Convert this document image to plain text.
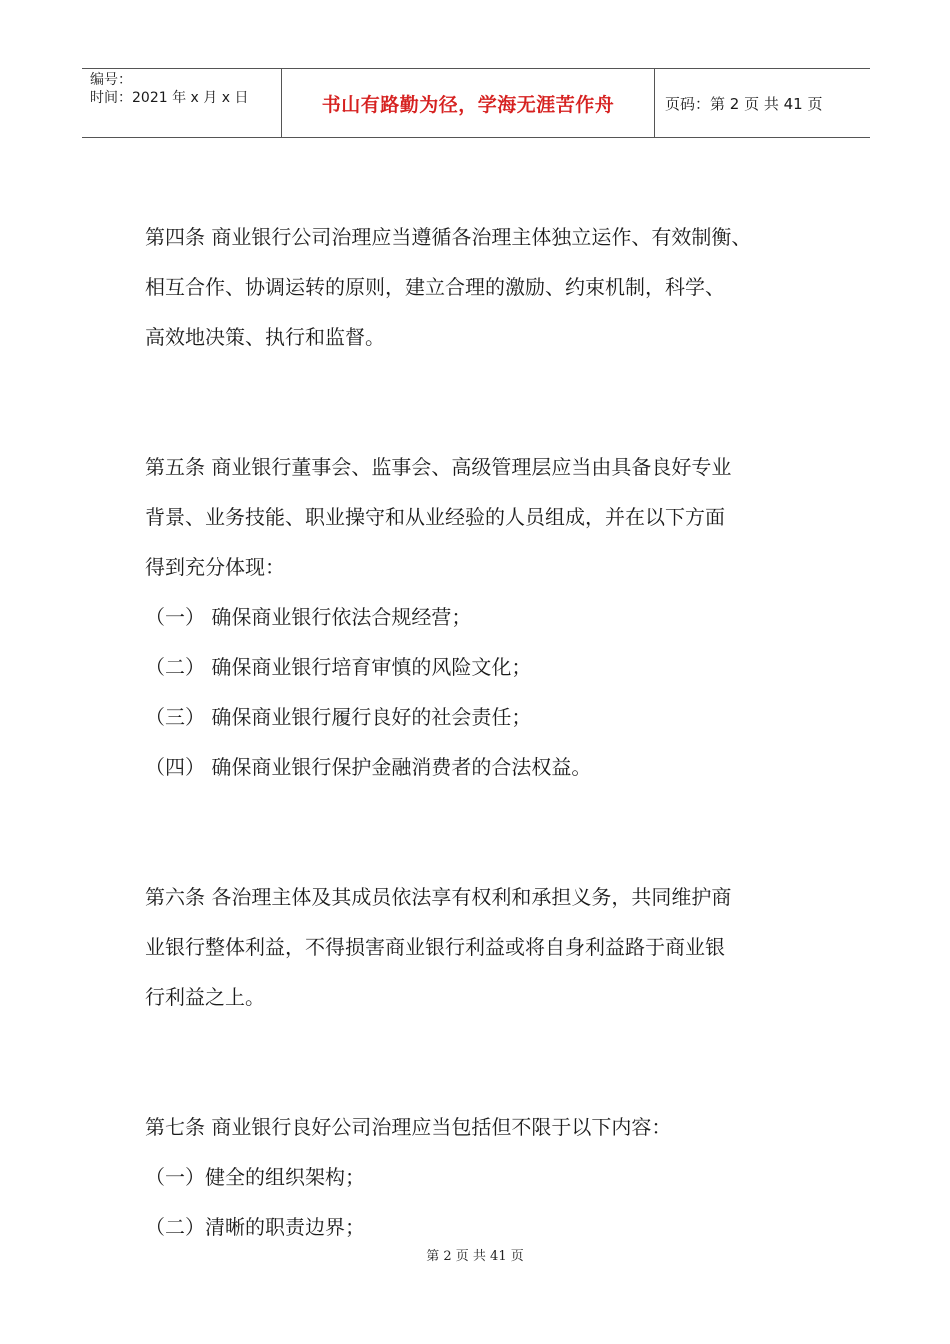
编号：
时间：2021 年 x 月 x 日	书山有路勤为径，学海无涯苦作舟	页码：第 2 页 共 41 页
第四条 商业银行公司治理应当遵循各治理主体独立运作、有效制衡、
相互合作、协调运转的原则，建立合理的激励、约束机制，科学、
高效地决策、执行和监督。
第五条 商业银行董事会、监事会、高级管理层应当由具备良好专业
背景、业务技能、职业操守和从业经验的人员组成，并在以下方面
得到充分体现：
（一） 确保商业银行依法合规经营；
（二） 确保商业银行培育审慎的风险文化；
（三） 确保商业银行履行良好的社会责任；
（四） 确保商业银行保护金融消费者的合法权益。
第六条 各治理主体及其成员依法享有权利和承担义务，共同维护商
业银行整体利益，不得损害商业银行利益或将自身利益路于商业银
行利益之上。
第七条 商业银行良好公司治理应当包括但不限于以下内容：
（一）健全的组织架构；
（二）清晰的职责边界；
第 2 页 共 41 页
